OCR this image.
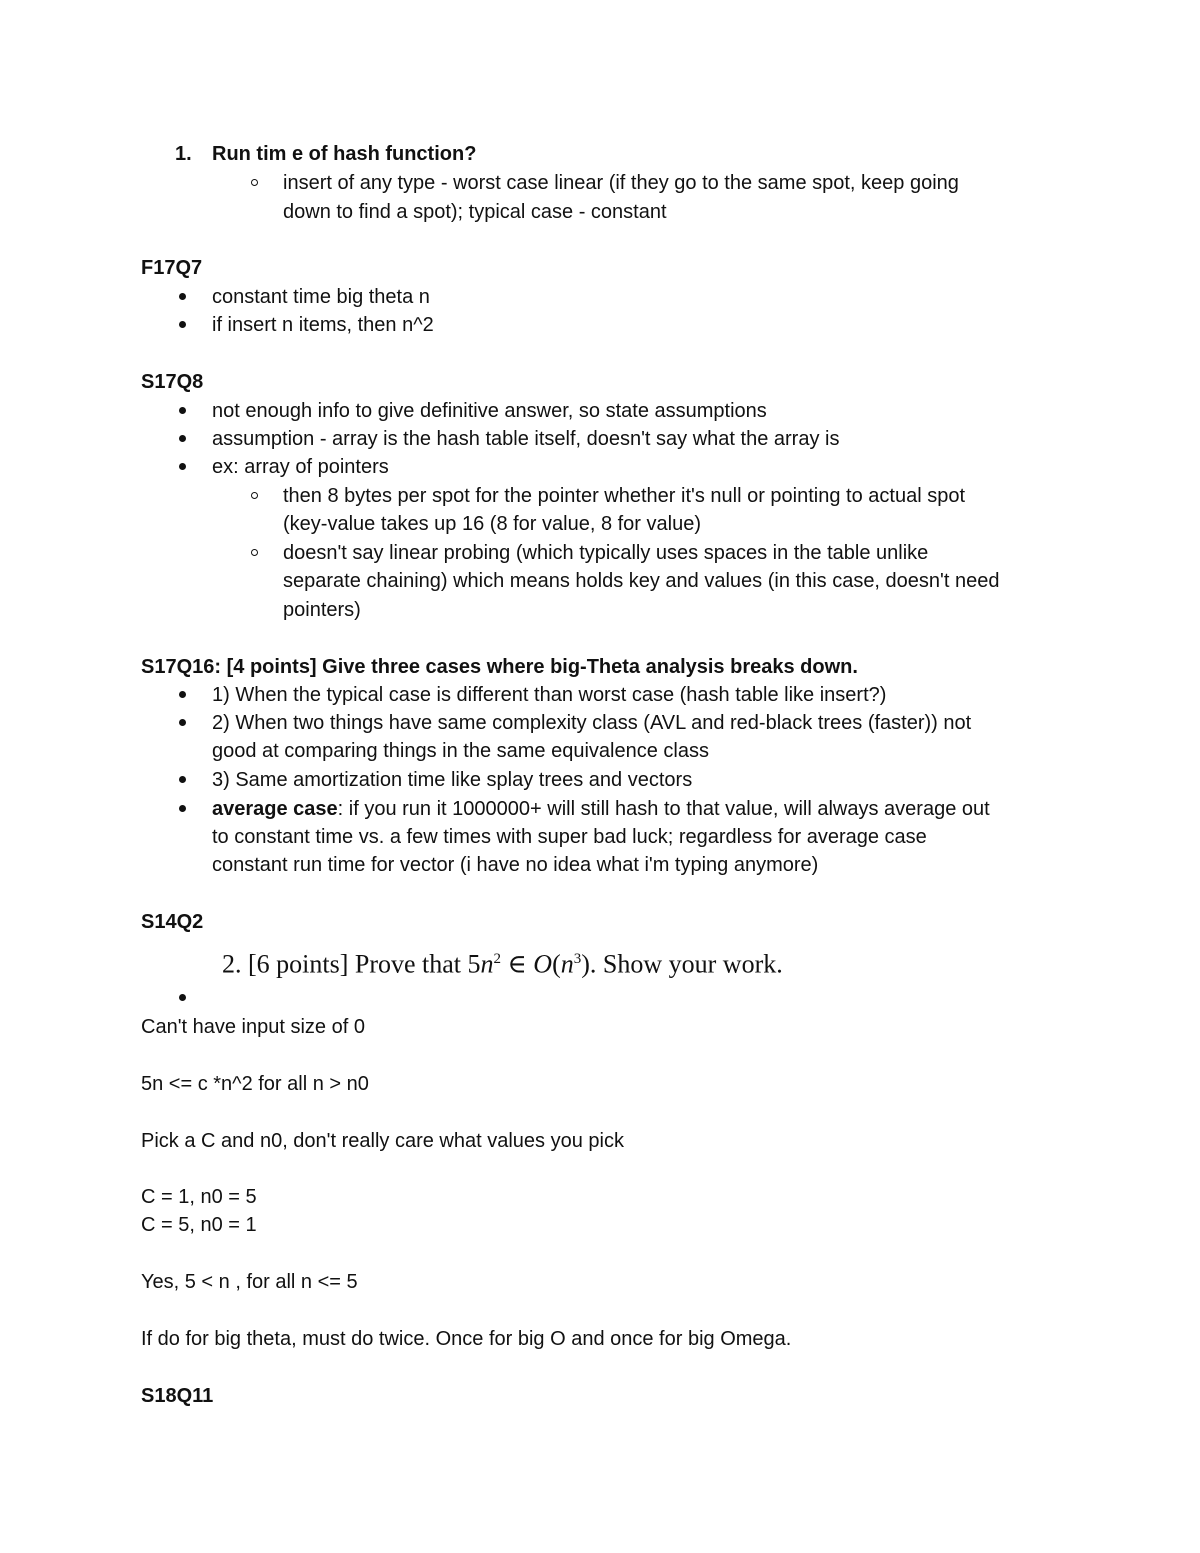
1. Run tim e of hash function?
insert of any type - worst case linear (if they go to the same spot, keep going
down to find a spot); typical case - constant
F17Q7
constant time big theta n
if insert n items, then n^2
S17Q8
not enough info to give definitive answer, so state assumptions
assumption - array is the hash table itself, doesn't say what the array is
ex: array of pointers
then 8 bytes per spot for the pointer whether it's null or pointing to actual spot
(key-value takes up 16 (8 for value, 8 for value)
doesn't say linear probing (which typically uses spaces in the table unlike
separate chaining) which means holds key and values (in this case, doesn't need
pointers)
S17Q16: [4 points] Give three cases where big-Theta analysis breaks down.
1) When the typical case is different than worst case (hash table like insert?)
2) When two things have same complexity class (AVL and red-black trees (faster)) not
good at comparing things in the same equivalence class
3) Same amortization time like splay trees and vectors
average case: if you run it 1000000+ will still hash to that value, will always average out
to constant time vs. a few times with super bad luck; regardless for average case
constant run time for vector (i have no idea what i'm typing anymore)
S14Q2
2. [6 points] Prove that $5n^2$ ∈ $O(n^3)$. Show your work.
Can't have input size of 0
5n <= c *n^2 for all n > n0
Pick a C and n0, don't really care what values you pick
C = 1, n0 = 5
C = 5, n0 = 1
Yes, 5 < n , for all n <= 5
If do for big theta, must do twice. Once for big O and once for big Omega.
S18Q11
